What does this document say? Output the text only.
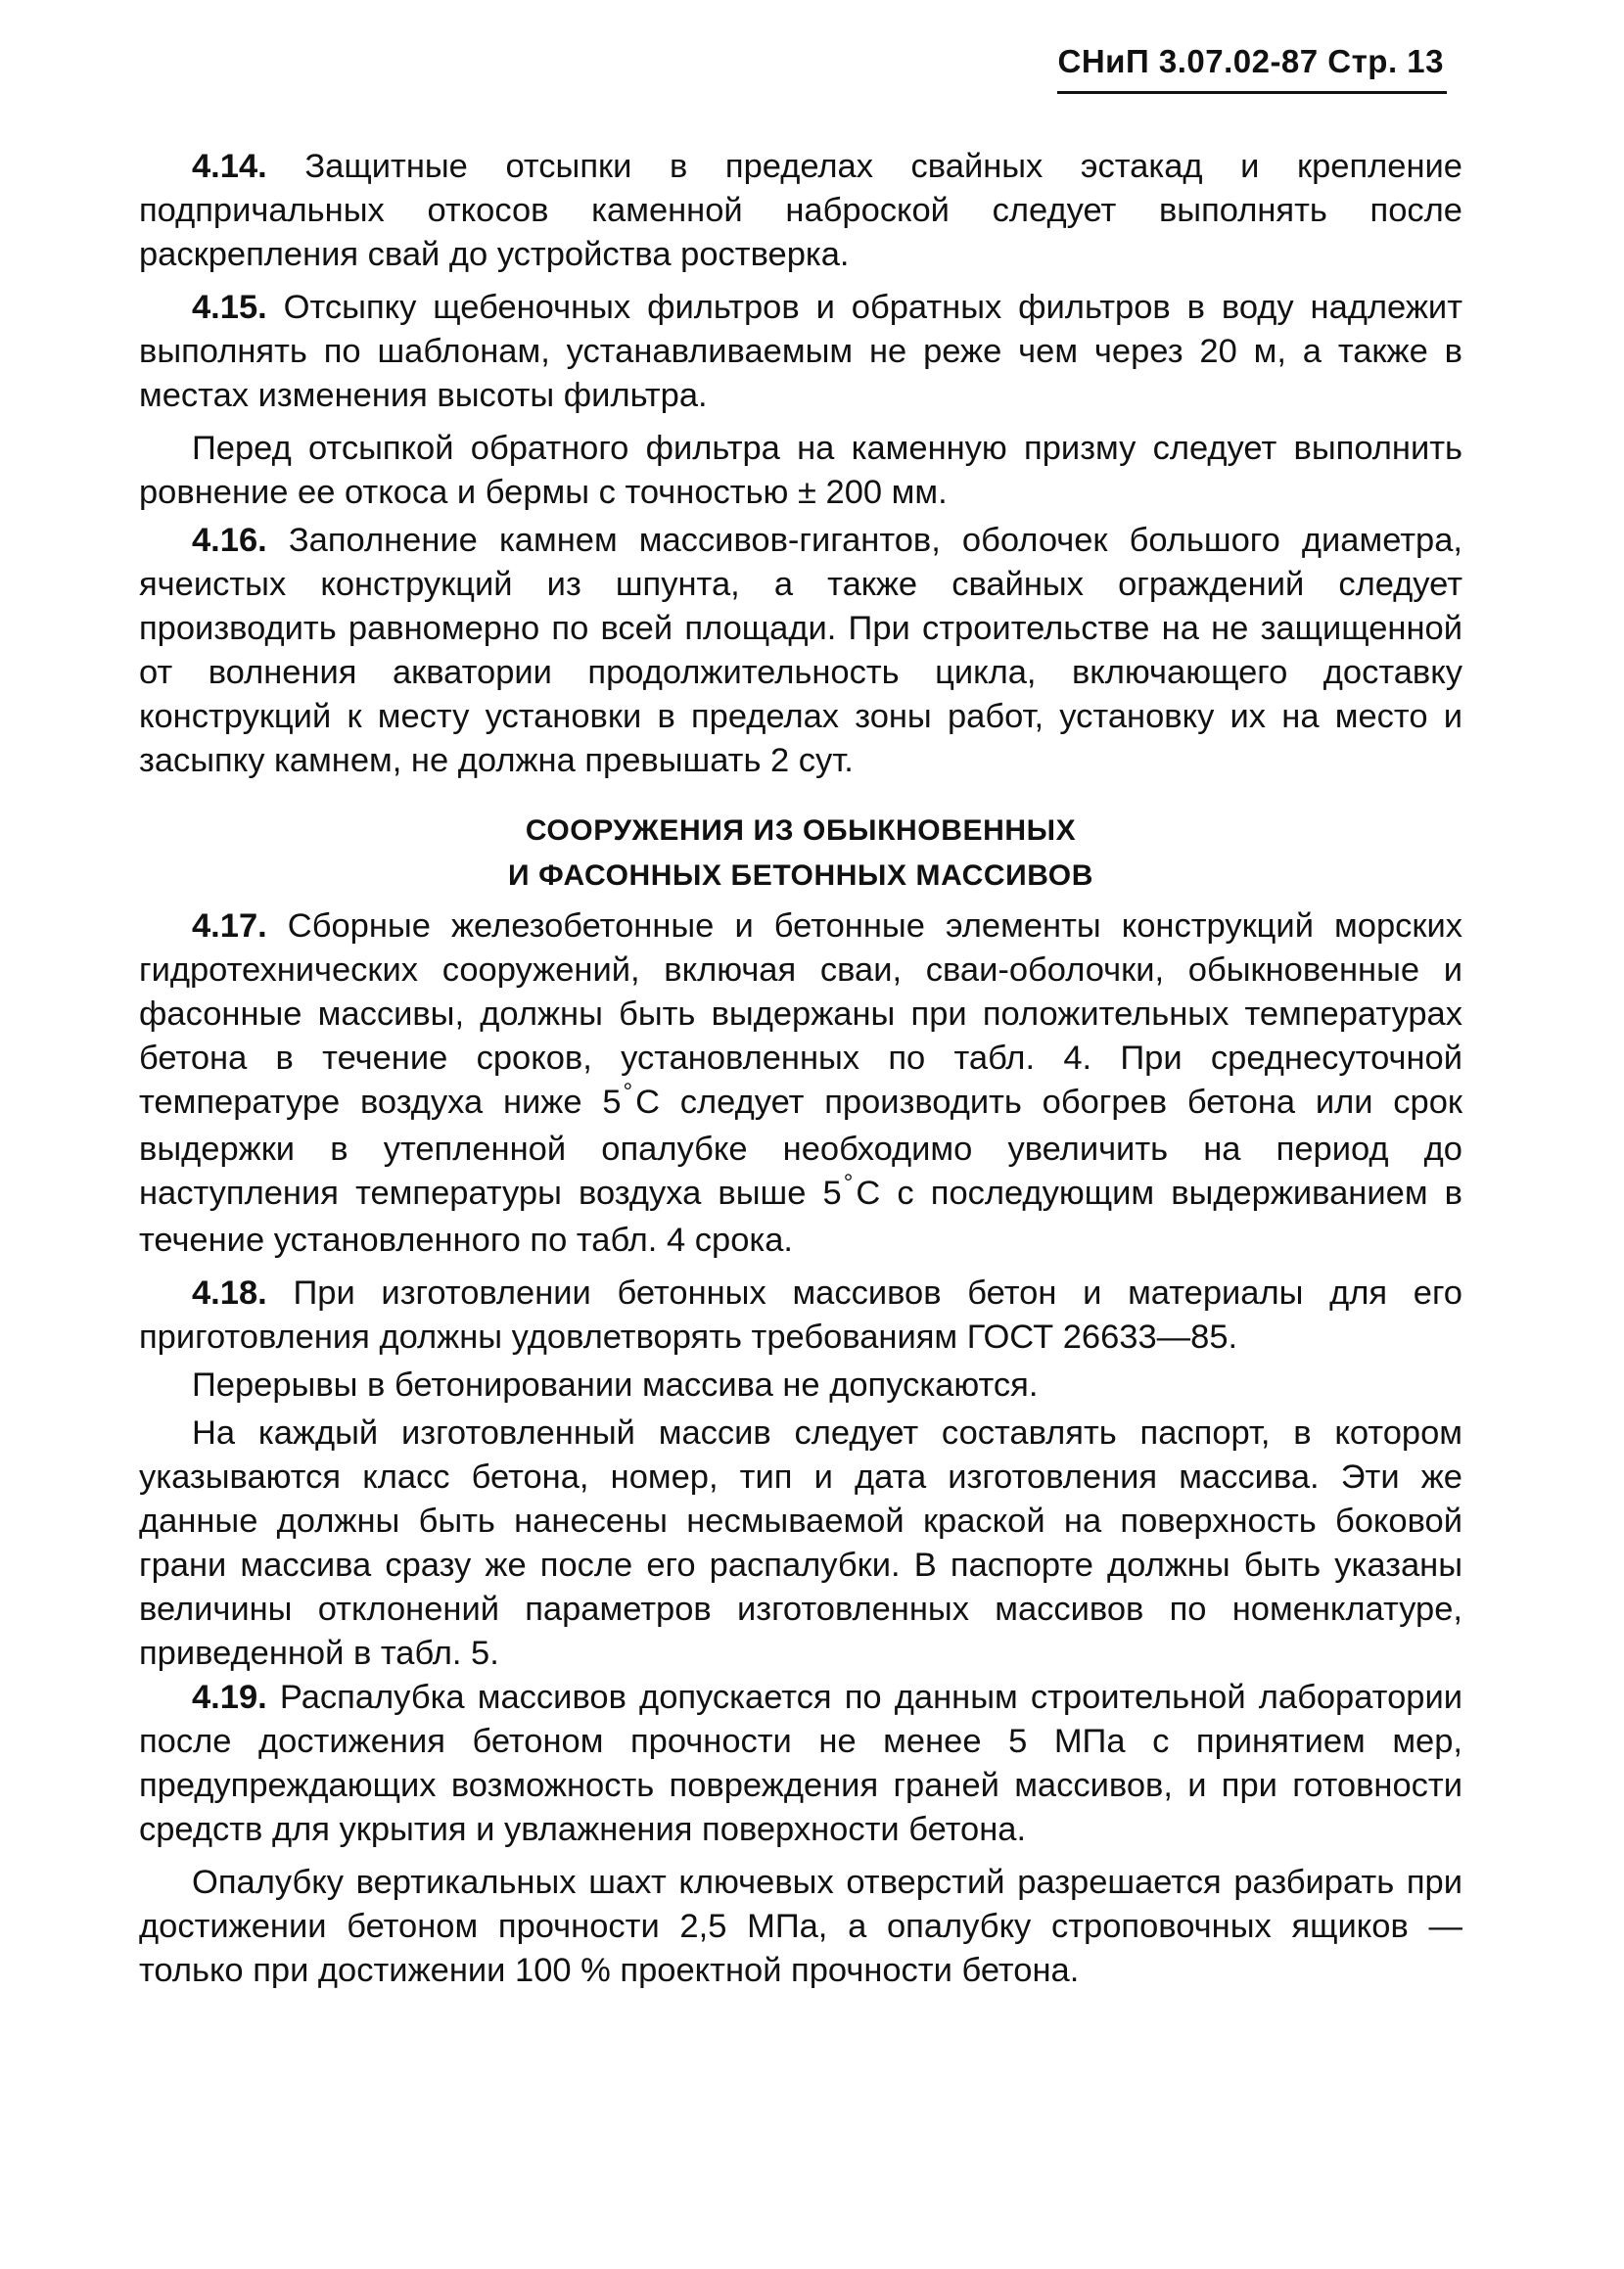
СНиП 3.07.02-87 Стр. 13

4.14. Защитные отсыпки в пределах свайных эстакад и крепление подпричальных откосов каменной наброской следует выполнять после раскрепления свай до устройства ростверка.

4.15. Отсыпку щебеночных фильтров и обратных фильтров в воду надлежит выполнять по шаблонам, устанавливаемым не реже чем через 20 м, а также в местах изменения высоты фильтра.

Перед отсыпкой обратного фильтра на каменную призму следует выполнить ровнение ее откоса и бермы с точностью ± 200 мм.

4.16. Заполнение камнем массивов-гигантов, оболочек большого диаметра, ячеистых конструкций из шпунта, а также свайных ограждений следует производить равномерно по всей площади. При строительстве на не защищенной от волнения акватории продолжительность цикла, включающего доставку конструкций к месту установки в пределах зоны работ, установку их на место и засыпку камнем, не должна превышать 2 сут.

СООРУЖЕНИЯ ИЗ ОБЫКНОВЕННЫХ
И ФАСОННЫХ БЕТОННЫХ МАССИВОВ

4.17. Сборные железобетонные и бетонные элементы конструкций морских гидротехнических сооружений, включая сваи, сваи-оболочки, обыкновенные и фасонные массивы, должны быть выдержаны при положительных температурах бетона в течение сроков, установленных по табл. 4. При среднесуточной температуре воздуха ниже 5°С следует производить обогрев бетона или срок выдержки в утепленной опалубке необходимо увеличить на период до наступления температуры воздуха выше 5°С с последующим выдерживанием в течение установленного по табл. 4 срока.

4.18. При изготовлении бетонных массивов бетон и материалы для его приготовления должны удовлетворять требованиям ГОСТ 26633—85.

Перерывы в бетонировании массива не допускаются.

На каждый изготовленный массив следует составлять паспорт, в котором указываются класс бетона, номер, тип и дата изготовления массива. Эти же данные должны быть нанесены несмываемой краской на поверхность боковой грани массива сразу же после его распалубки. В паспорте должны быть указаны величины отклонений параметров изготовленных массивов по номенклатуре, приведенной в табл. 5.

4.19. Распалубка массивов допускается по данным строительной лаборатории после достижения бетоном прочности не менее 5 МПа с принятием мер, предупреждающих возможность повреждения граней массивов, и при готовности средств для укрытия и увлажнения поверхности бетона.

Опалубку вертикальных шахт ключевых отверстий разрешается разбирать при достижении бетоном прочности 2,5 МПа, а опалубку строповочных ящиков — только при достижении 100 % проектной прочности бетона.
